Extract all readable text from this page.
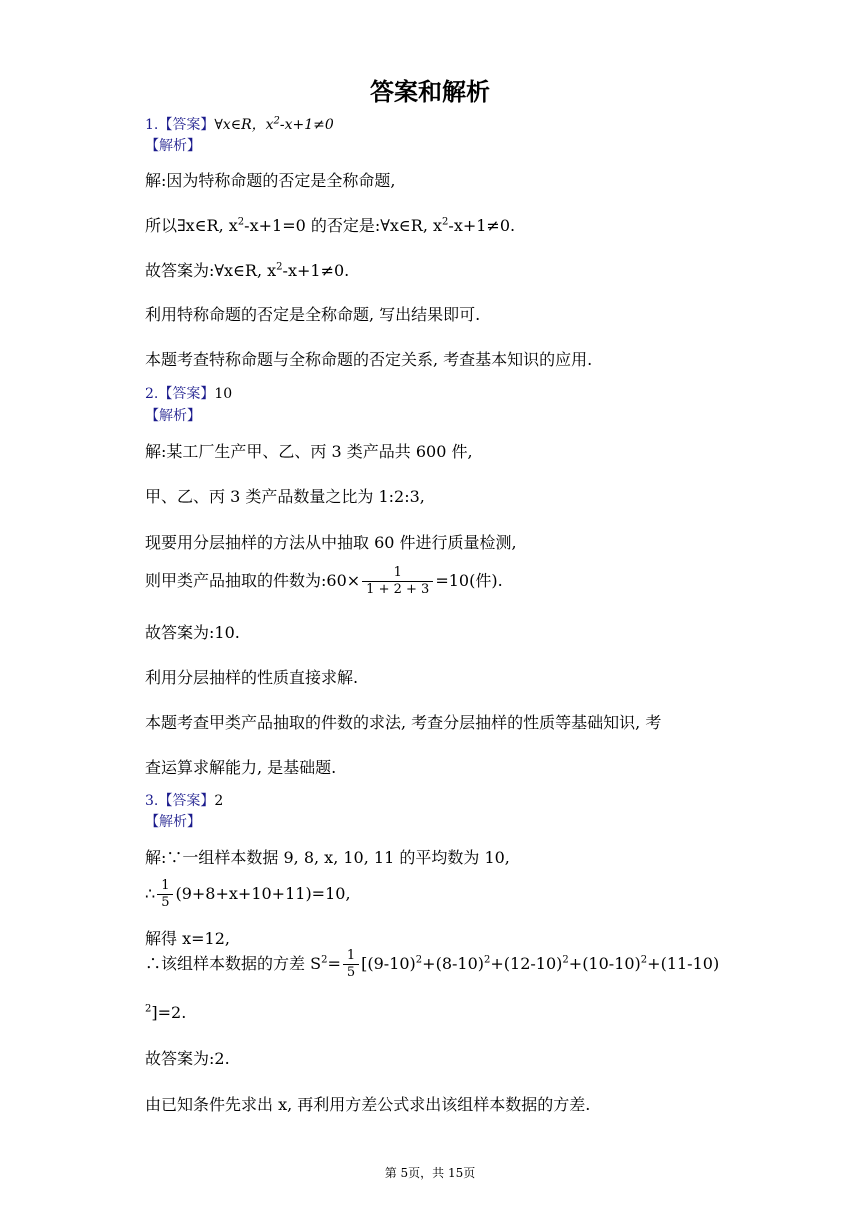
答案和解析
1.【答案】∀x∈R，$x^2-x+1\ne 0$
【解析】
解:因为特称命题的否定是全称命题,
所以∃x∈R, $x^2-x+1=0$ 的否定是:∀x∈R, $x^2-x+1\ne 0$.
故答案为:∀x∈R, $x^2-x+1\ne 0$.
利用特称命题的否定是全称命题, 写出结果即可.
本题考查特称命题与全称命题的否定关系, 考查基本知识的应用.
2.【答案】10
【解析】
解:某工厂生产甲、乙、丙 3 类产品共 600 件,
甲、乙、丙 3 类产品数量之比为 1:2:3,
现要用分层抽样的方法从中抽取 60 件进行质量检测,
则甲类产品抽取的件数为:60× $\frac{1}{1 + 2 + 3} =10$(件).
故答案为:10.
利用分层抽样的性质直接求解.
本题考查甲类产品抽取的件数的求法, 考查分层抽样的性质等基础知识, 考
查运算求解能力, 是基础题.
3.【答案】2
【解析】
解:∵一组样本数据 9, 8, x, 10, 11 的平均数为 10,
∴ $\frac{1}{5} (9+8+x+10+11)=10$,
解得 x=12,
∴该组样本数据的方差 $S^2= \frac{1}{5} [(9-10)^2+(8-10)^2+(12-10)^2+(10-10)^2+(11-10)$
$^2$]=2.
故答案为:2.
由已知条件先求出 x, 再利用方差公式求出该组样本数据的方差.
第 5页，共 15页
